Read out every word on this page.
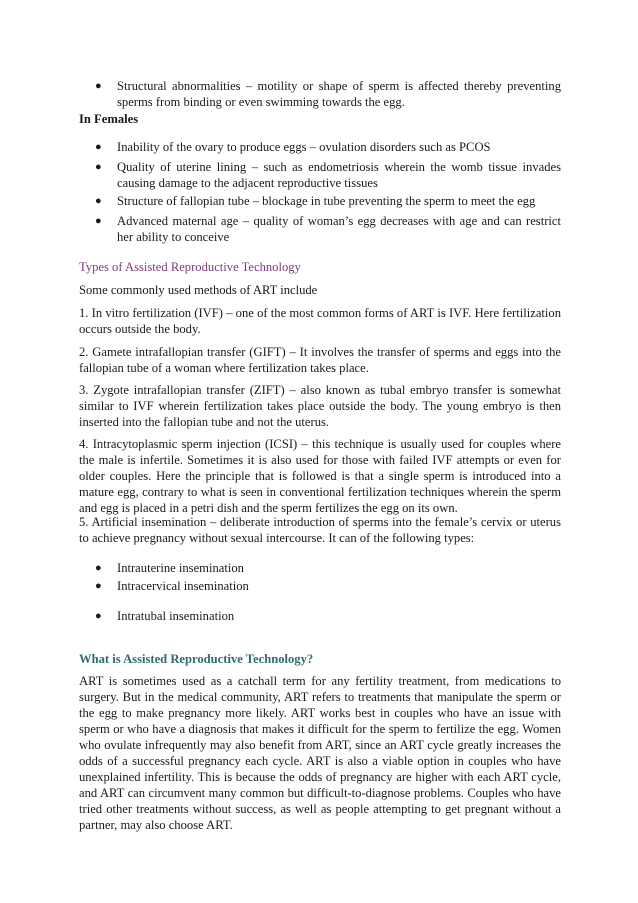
● Structural abnormalities – motility or shape of sperm is affected thereby preventing sperms from binding or even swimming towards the egg.
In Females
● Inability of the ovary to produce eggs – ovulation disorders such as PCOS
● Quality of uterine lining – such as endometriosis wherein the womb tissue invades causing damage to the adjacent reproductive tissues
● Structure of fallopian tube – blockage in tube preventing the sperm to meet the egg
● Advanced maternal age – quality of woman’s egg decreases with age and can restrict her ability to conceive
Types of Assisted Reproductive Technology

Some commonly used methods of ART include

1. In vitro fertilization (IVF) – one of the most common forms of ART is IVF. Here fertilization occurs outside the body.

2. Gamete intrafallopian transfer (GIFT) – It involves the transfer of sperms and eggs into the fallopian tube of a woman where fertilization takes place.

3. Zygote intrafallopian transfer (ZIFT) – also known as tubal embryo transfer is somewhat similar to IVF wherein fertilization takes place outside the body. The young embryo is then inserted into the fallopian tube and not the uterus.

4. Intracytoplasmic sperm injection (ICSI) – this technique is usually used for couples where the male is infertile. Sometimes it is also used for those with failed IVF attempts or even for older couples. Here the principle that is followed is that a single sperm is introduced into a mature egg, contrary to what is seen in conventional fertilization techniques wherein the sperm and egg is placed in a petri dish and the sperm fertilizes the egg on its own.

5. Artificial insemination – deliberate introduction of sperms into the female’s cervix or uterus to achieve pregnancy without sexual intercourse. It can of the following types:

● Intrauterine insemination
● Intracervical insemination
● Intratubal insemination
What is Assisted Reproductive Technology?

ART is sometimes used as a catchall term for any fertility treatment, from medications to surgery. But in the medical community, ART refers to treatments that manipulate the sperm or the egg to make pregnancy more likely. ART works best in couples who have an issue with sperm or who have a diagnosis that makes it difficult for the sperm to fertilize the egg. Women who ovulate infrequently may also benefit from ART, since an ART cycle greatly increases the odds of a successful pregnancy each cycle. ART is also a viable option in couples who have unexplained infertility. This is because the odds of pregnancy are higher with each ART cycle, and ART can circumvent many common but difficult-to-diagnose problems. Couples who have tried other treatments without success, as well as people attempting to get pregnant without a partner, may also choose ART.
